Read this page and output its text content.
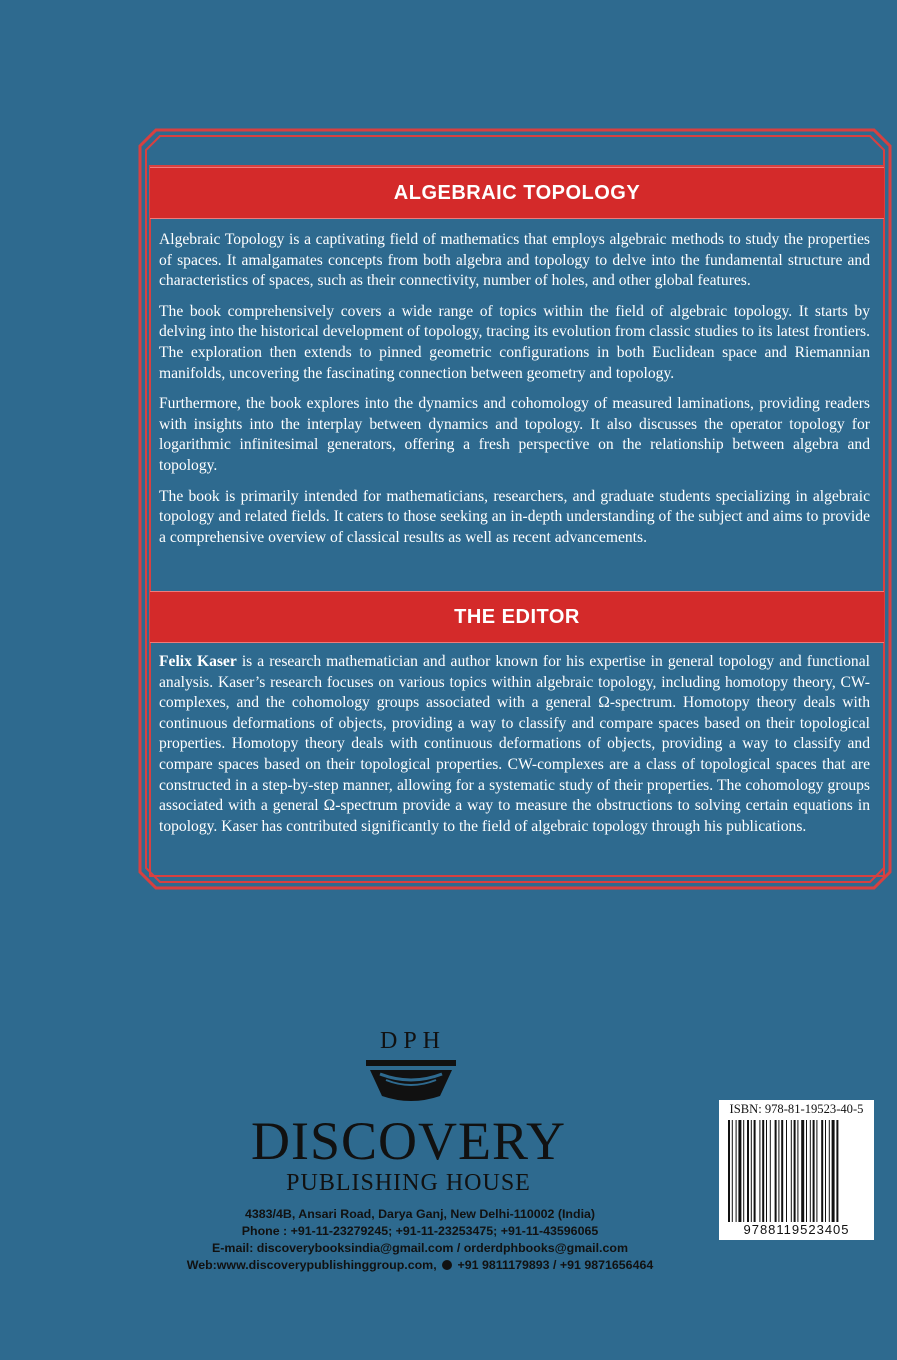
ALGEBRAIC TOPOLOGY

Algebraic Topology is a captivating field of mathematics that employs algebraic methods to study the properties of spaces. It amalgamates concepts from both algebra and topology to delve into the fundamental structure and characteristics of spaces, such as their connectivity, number of holes, and other global features.

The book comprehensively covers a wide range of topics within the field of algebraic topology. It starts by delving into the historical development of topology, tracing its evolution from classic studies to its latest frontiers. The exploration then extends to pinned geometric configurations in both Euclidean space and Riemannian manifolds, uncovering the fascinating connection between geometry and topology.

Furthermore, the book explores into the dynamics and cohomology of measured laminations, providing readers with insights into the interplay between dynamics and topology. It also discusses the operator topology for logarithmic infinitesimal generators, offering a fresh perspective on the relationship between algebra and topology.

The book is primarily intended for mathematicians, researchers, and graduate students specializing in algebraic topology and related fields. It caters to those seeking an in-depth understanding of the subject and aims to provide a comprehensive overview of classical results as well as recent advancements.

THE EDITOR

Felix Kaser is a research mathematician and author known for his expertise in general topology and functional analysis. Kaser’s research focuses on various topics within algebraic topology, including homotopy theory, CW-complexes, and the cohomology groups associated with a general Ω-spectrum. Homotopy theory deals with continuous deformations of objects, providing a way to classify and compare spaces based on their topological properties. Homotopy theory deals with continuous deformations of objects, providing a way to classify and compare spaces based on their topological properties. CW-complexes are a class of topological spaces that are constructed in a step-by-step manner, allowing for a systematic study of their properties. The cohomology groups associated with a general Ω-spectrum provide a way to measure the obstructions to solving certain equations in topology. Kaser has contributed significantly to the field of algebraic topology through his publications.

DPH
DISCOVERY
PUBLISHING HOUSE
4383/4B, Ansari Road, Darya Ganj, New Delhi-110002 (India)
Phone : +91-11-23279245; +91-11-23253475; +91-11-43596065
E-mail: discoverybooksindia@gmail.com / orderdphbooks@gmail.com
Web:www.discoverypublishinggroup.com, +91 9811179893 / +91 9871656464
ISBN: 978-81-19523-40-5
9788119523405
